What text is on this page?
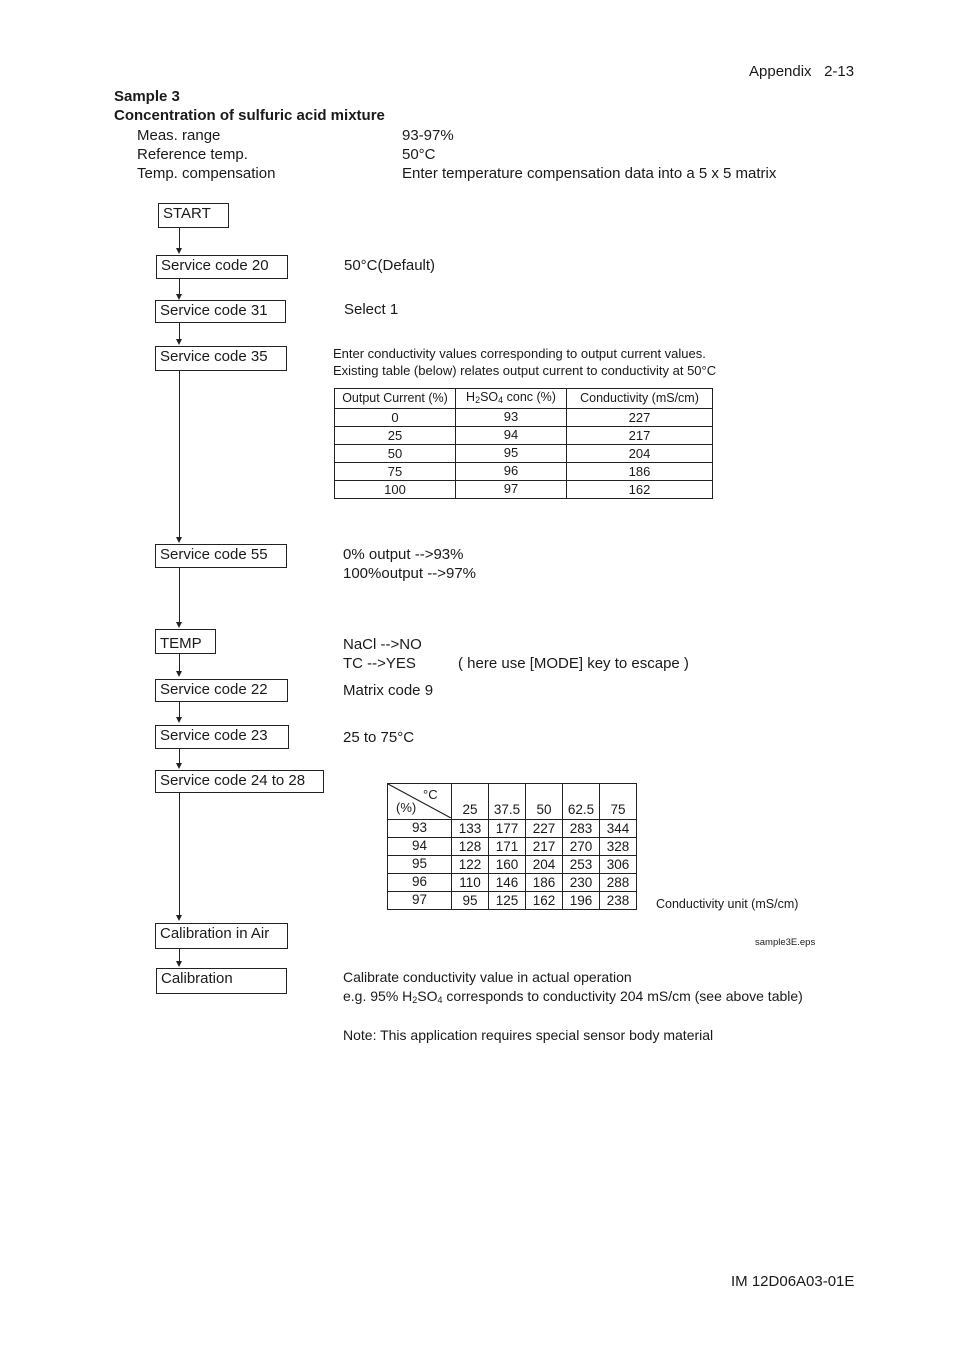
Appendix 2-13
Sample 3
Concentration of sulfuric acid mixture
Meas. range	93-97%
Reference temp.	50°C
Temp. compensation	Enter temperature compensation data into a 5 x 5 matrix
START
Service code 20
Service code 31
Service code 35
Service code 55
TEMP
Service code 22
Service code 23
Service code 24 to 28
Calibration in Air
Calibration
50°C(Default)
Select 1
Enter conductivity values corresponding to output current values.
Existing table (below) relates output current to conductivity at 50°C
Output Current (%)	$H_2SO_4$ conc (%)	Conductivity (mS/cm)
0	93	227
25	94	217
50	95	204
75	96	186
100	97	162
0% output -->93%
100%output -->97%
NaCl -->NO
TC -->YES	( here use [MODE] key to escape )
Matrix code 9
25 to 75°C
°C
(%)	25	37.5	50	62.5	75
93	133	177	227	283	344
94	128	171	217	270	328
95	122	160	204	253	306
96	110	146	186	230	288
97	95	125	162	196	238 Conductivity unit (mS/cm)
sample3E.eps
Calibrate conductivity value in actual operation
e.g. 95% $H_2SO_4$ corresponds to conductivity 204 mS/cm (see above table)
Note: This application requires special sensor body material
IM 12D06A03-01E
